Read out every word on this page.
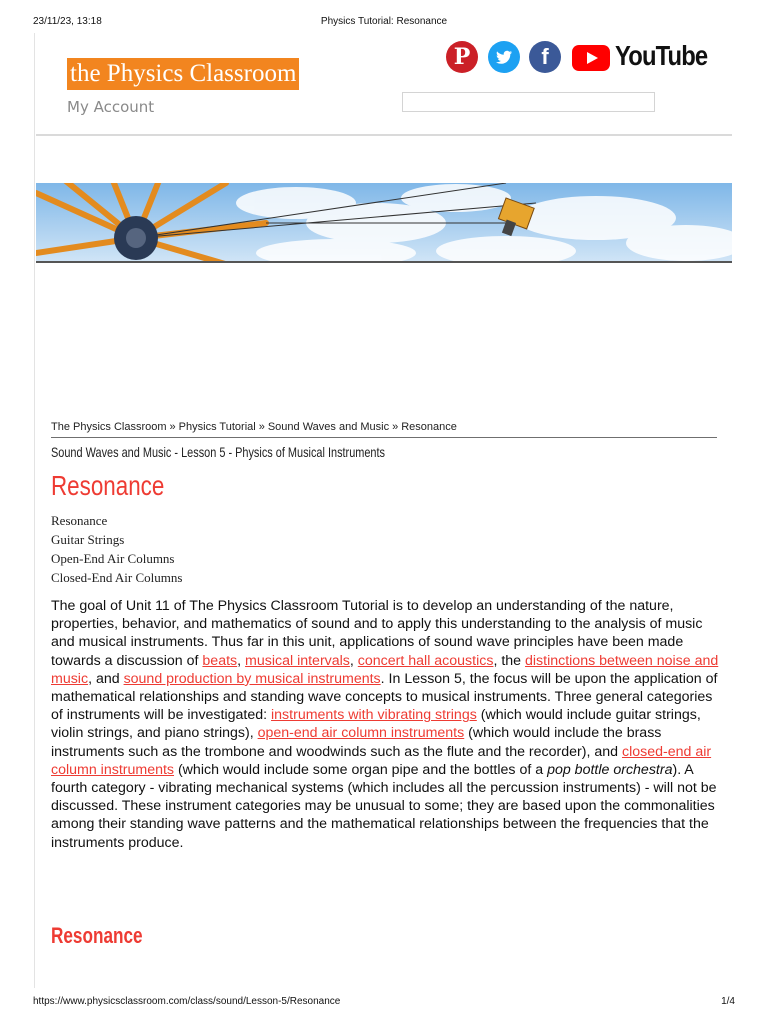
23/11/23, 13:18	Physics Tutorial: Resonance
the Physics Classroom
My Account
P	f	YouTube
The Physics Classroom » Physics Tutorial » Sound Waves and Music » Resonance
Sound Waves and Music - Lesson 5 - Physics of Musical Instruments
Resonance
Resonance
Guitar Strings
Open-End Air Columns
Closed-End Air Columns

The goal of Unit 11 of The Physics Classroom Tutorial is to develop an understanding of the nature, properties, behavior, and mathematics of sound and to apply this understanding to the analysis of music and musical instruments. Thus far in this unit, applications of sound wave principles have been made towards a discussion of beats, musical intervals, concert hall acoustics, the distinctions between noise and music, and sound production by musical instruments. In Lesson 5, the focus will be upon the application of mathematical relationships and standing wave concepts to musical instruments. Three general categories of instruments will be investigated: instruments with vibrating strings (which would include guitar strings, violin strings, and piano strings), open-end air column instruments (which would include the brass instruments such as the trombone and woodwinds such as the flute and the recorder), and closed-end air column instruments (which would include some organ pipe and the bottles of a pop bottle orchestra). A fourth category - vibrating mechanical systems (which includes all the percussion instruments) - will not be discussed. These instrument categories may be unusual to some; they are based upon the commonalities among their standing wave patterns and the mathematical relationships between the frequencies that the instruments produce.

Resonance
https://www.physicsclassroom.com/class/sound/Lesson-5/Resonance	1/4
